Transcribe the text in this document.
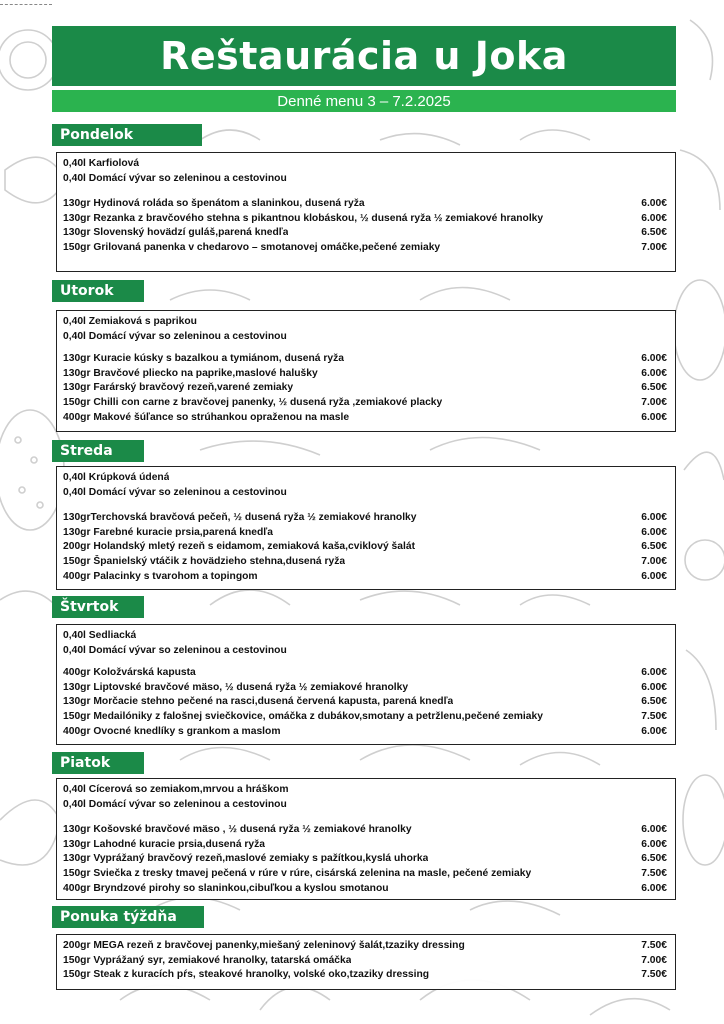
Reštaurácia u Joka
Denné menu 3 – 7.2.2025
Pondelok
0,40l Karfiolová
0,40l Domácí vývar so zeleninou a cestovinou
130gr Hydinová roláda so špenátom a slaninkou, dusená ryža	6.00€
130gr Rezanka z bravčového stehna s pikantnou klobáskou, ½ dusená ryža ½ zemiakové hranolky	6.00€
130gr Slovenský hovädzí guláš,parená knedľa	6.50€
150gr Grilovaná panenka v chedarovo – smotanovej omáčke,pečené zemiaky	7.00€
Utorok
0,40l Zemiaková s paprikou
0,40l Domácí vývar so zeleninou a cestovinou
130gr Kuracie kúsky s bazalkou a tymiánom, dusená ryža	6.00€
130gr Bravčové pliecko na paprike,maslové halušky	6.00€
130gr Farárský bravčový rezeň,varené zemiaky	6.50€
150gr Chilli con carne z bravčovej panenky, ½ dusená ryža ,zemiakové placky	7.00€
400gr Makové šúľance so strúhankou opraženou na masle	6.00€
Streda
0,40l Krúpková údená
0,40l Domácí vývar so zeleninou a cestovinou
130grTerchovská bravčová pečeň, ½ dusená ryža ½ zemiakové hranolky	6.00€
130gr Farebné kuracie prsia,parená knedľa	6.00€
200gr Holandský mletý rezeň s eidamom, zemiaková kaša,cviklový šalát	6.50€
150gr Španielský vtáčik z hovädzieho stehna,dusená ryža	7.00€
400gr Palacinky s tvarohom a topingom	6.00€
Štvrtok
0,40l Sedliacká
0,40l Domácí vývar so zeleninou a cestovinou
400gr Koložvárská kapusta	6.00€
130gr Liptovské bravčové mäso, ½ dusená ryža ½ zemiakové hranolky	6.00€
130gr Morčacie stehno pečené na rasci,dusená červená kapusta, parená knedľa	6.50€
150gr Medailóniky z falošnej sviečkovice, omáčka z dubákov,smotany a petržlenu,pečené zemiaky	7.50€
400gr Ovocné knedlíky s grankom a maslom	6.00€
Piatok
0,40l Cícerová so zemiakom,mrvou a hráškom
0,40l Domácí vývar so zeleninou a cestovinou
130gr Košovské bravčové mäso , ½ dusená ryža ½ zemiakové hranolky	6.00€
130gr Lahodné kuracie prsia,dusená ryža	6.00€
130gr Vyprážaný bravčový rezeň,maslové zemiaky s pažítkou,kyslá uhorka	6.50€
150gr Sviečka z tresky tmavej pečená v rúre v rúre, cisárská zelenina na masle, pečené zemiaky	7.50€
400gr Bryndzové pirohy so slaninkou,cibuľkou a kyslou smotanou	6.00€
Ponuka týždňa
200gr MEGA rezeň z bravčovej panenky,miešaný zeleninový šalát,tzaziky dressing	7.50€
150gr Vyprážaný syr, zemiakové hranolky, tatarská omáčka	7.00€
150gr Steak z kuracích pŕs, steakové hranolky, volské oko,tzaziky dressing	7.50€
